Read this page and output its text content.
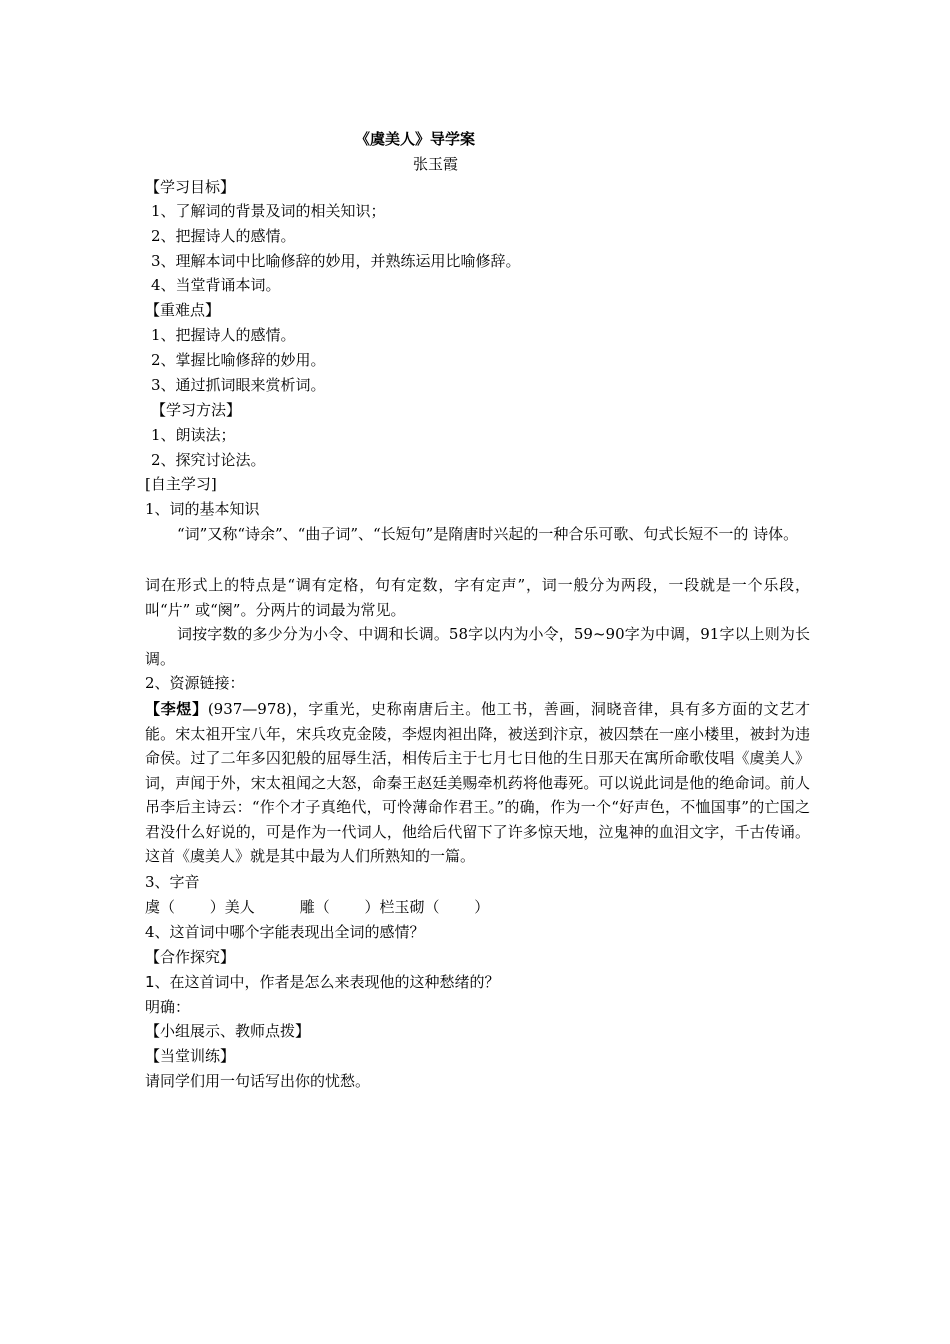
《虞美人》导学案
张玉霞
【学习目标】
1、了解词的背景及词的相关知识；
2、把握诗人的感情。
3、理解本词中比喻修辞的妙用，并熟练运用比喻修辞。
4、当堂背诵本词。
【重难点】
1、把握诗人的感情。
2、掌握比喻修辞的妙用。
3、通过抓词眼来赏析词。
【学习方法】
1、朗读法；
2、探究讨论法。
[自主学习]
1、词的基本知识
“词”又称“诗余”、“曲子词”、“长短句”是隋唐时兴起的一种合乐可歌、句式长短不一的 诗体。
词在形式上的特点是“调有定格，句有定数，字有定声”，词一般分为两段，一段就是一个乐段，叫“片” 或“阕”。分两片的词最为常见。
词按字数的多少分为小令、中调和长调。58字以内为小令，59~90字为中调，91字以上则为长调。
2、资源链接：
【李煜】(937—978)，字重光，史称南唐后主。他工书，善画，洞晓音律，具有多方面的文艺才能。宋太祖开宝八年，宋兵攻克金陵，李煜肉袒出降，被送到汴京，被囚禁在一座小楼里，被封为违命侯。过了二年多囚犯般的屈辱生活，相传后主于七月七日他的生日那天在寓所命歌伎唱《虞美人》词，声闻于外，宋太祖闻之大怒，命秦王赵廷美赐牵机药将他毒死。可以说此词是他的绝命词。前人吊李后主诗云：“作个才子真绝代，可怜薄命作君王。”的确，作为一个“好声色，不恤国事”的亡国之君没什么好说的，可是作为一代词人，他给后代留下了许多惊天地，泣鬼神的血泪文字，千古传诵。这首《虞美人》就是其中最为人们所熟知的一篇。
3、字音
虞（　　 ）美人　　　雕（　　 ）栏玉砌（　　 ）
4、这首词中哪个字能表现出全词的感情？
【合作探究】
1、在这首词中，作者是怎么来表现他的这种愁绪的？
明确：
【小组展示、教师点拨】
【当堂训练】
请同学们用一句话写出你的忧愁。
